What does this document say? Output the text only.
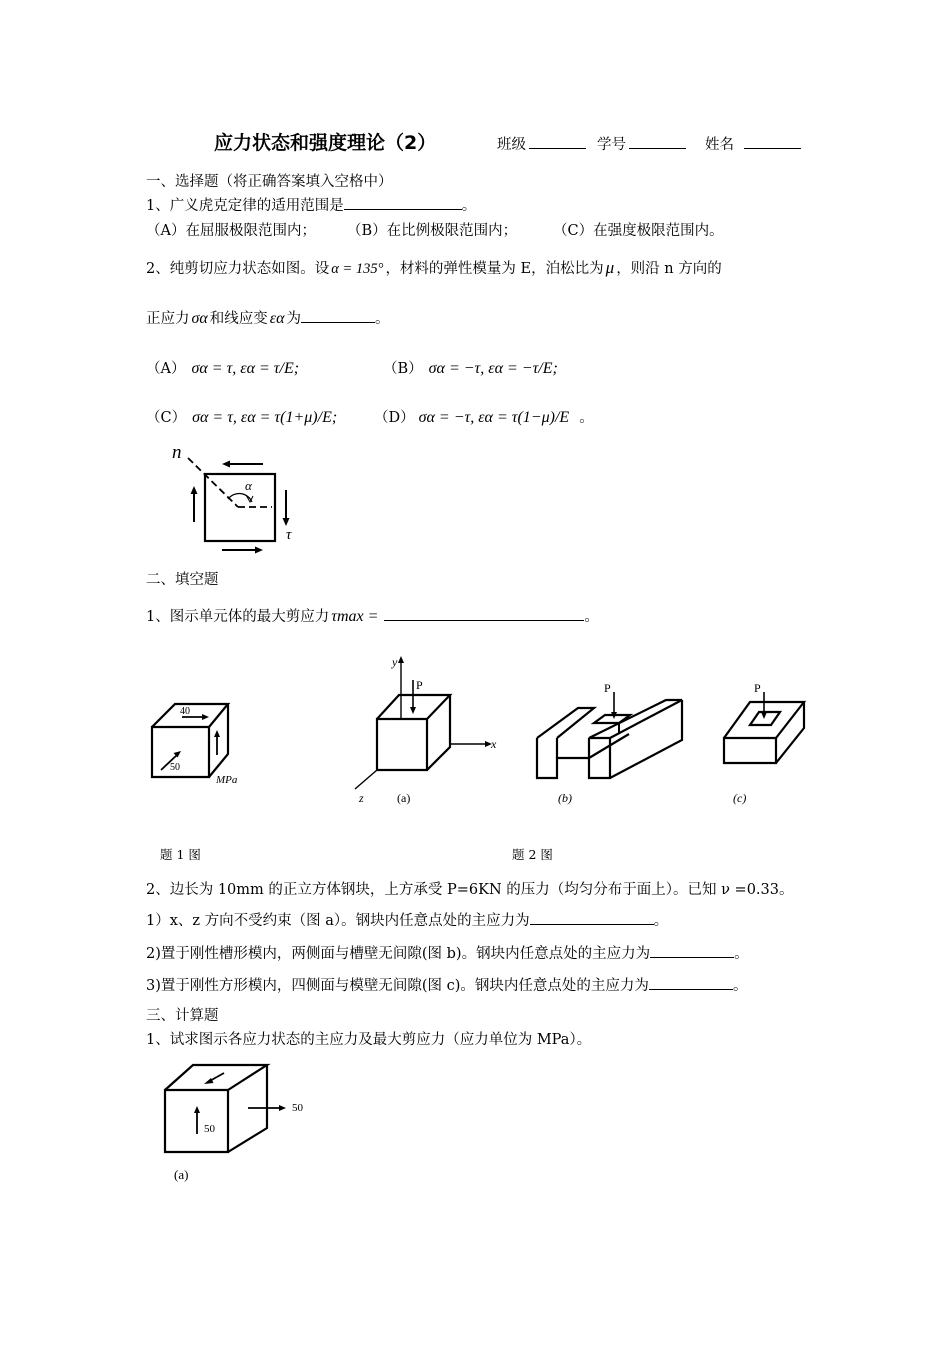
应力状态和强度理论（2）	班级	学号	姓名
一、选择题（将正确答案填入空格中）
1、广义虎克定律的适用范围是	。
（A）在屈服极限范围内； （B）在比例极限范围内； （C）在强度极限范围内。
2、纯剪切应力状态如图。设 α = 135° ，材料的弹性模量为 E，泊松比为 μ ，则沿 n 方向的
正应力 σα 和线应变 εα 为	。
（A） σα = τ, εα = τ/E;	（B） σα = −τ, εα = −τ/E;
（C） σα = τ, εα = τ(1+μ)/E;	（D） σα = −τ, εα = τ(1−μ)/E 。
n
α
τ
二、填空题
1、图示单元体的最大剪应力 τmax =	。
40
50
MPa
y
x
z
P
(a)
P
(b)
P
(c)
题 1 图	题 2 图
2、边长为 10mm 的正立方体钢块，上方承受 P=6KN 的压力（均匀分布于面上）。已知 ν =0.33。
1）x、z 方向不受约束（图 a）。钢块内任意点处的主应力为	。
2)置于刚性槽形模内，两侧面与槽壁无间隙(图 b)。钢块内任意点处的主应力为	。
3)置于刚性方形模内，四侧面与模壁无间隙(图 c)。钢块内任意点处的主应力为	。
三、计算题
1、试求图示各应力状态的主应力及最大剪应力（应力单位为 MPa）。
50
50
(a)
